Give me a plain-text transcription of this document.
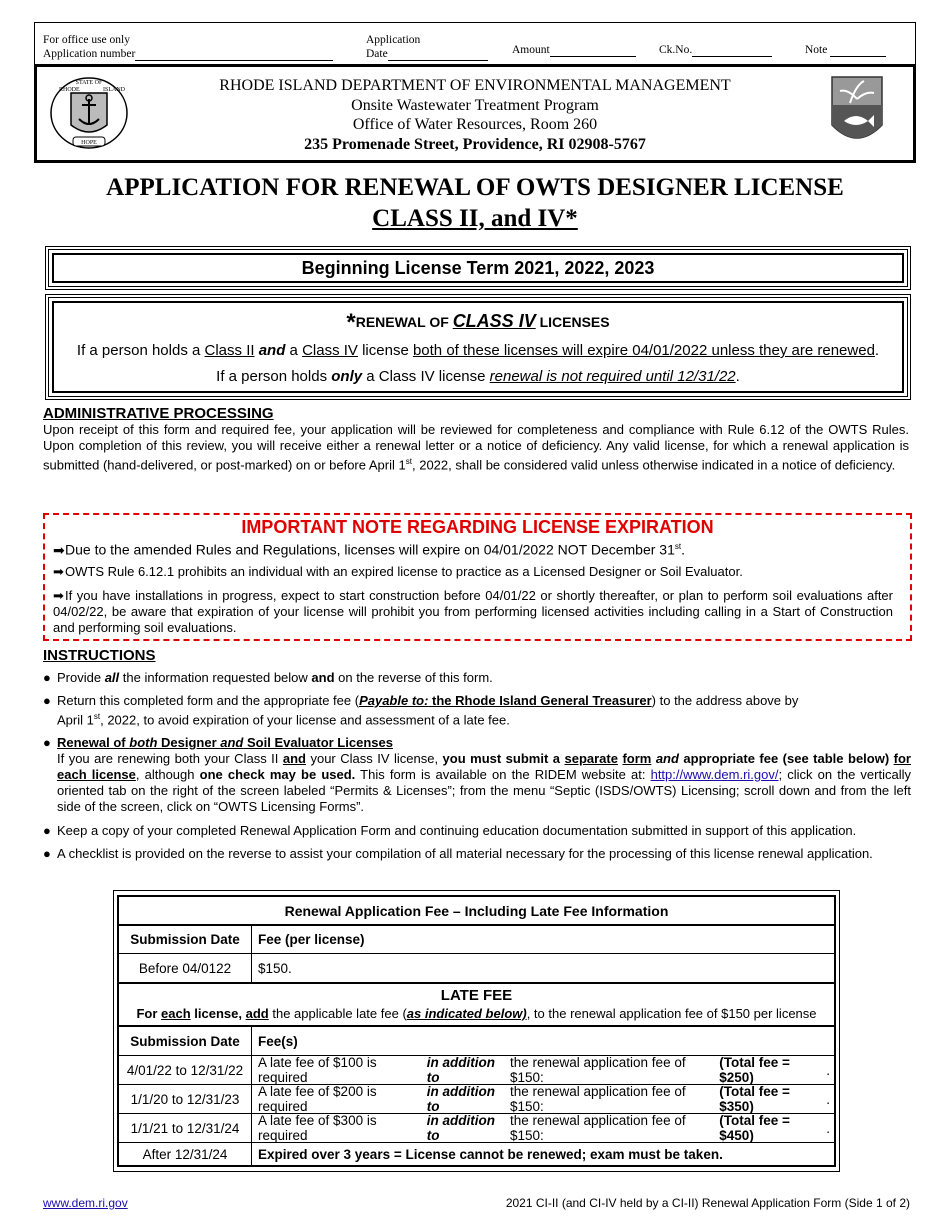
For office use only
Application number
Application
Date	Amount	Ck.No.	Note
HOPE
STATE OF
RHODE	ISLAND	RHODE ISLAND DEPARTMENT OF ENVIRONMENTAL MANAGEMENT
Onsite Wastewater Treatment Program
Office of Water Resources, Room 260
235 Promenade Street, Providence, RI 02908-5767
APPLICATION FOR RENEWAL OF OWTS DESIGNER LICENSE
CLASS II, and IV*
Beginning License Term 2021, 2022, 2023
*RENEWAL OF CLASS IV LICENSES
If a person holds a Class II and a Class IV license both of these licenses will expire 04/01/2022 unless they are renewed.
If a person holds only a Class IV license renewal is not required until 12/31/22.
ADMINISTRATIVE PROCESSING
Upon receipt of this form and required fee, your application will be reviewed for completeness and compliance with Rule 6.12 of the OWTS Rules. Upon completion of this review, you will receive either a renewal letter or a notice of deficiency. Any valid license, for which a renewal application is submitted (hand-delivered, or post-marked) on or before April 1st, 2022, shall be considered valid unless otherwise indicated in a notice of deficiency.
IMPORTANT NOTE REGARDING LICENSE EXPIRATION
➡Due to the amended Rules and Regulations, licenses will expire on 04/01/2022 NOT December 31st.
➡OWTS Rule 6.12.1 prohibits an individual with an expired license to practice as a Licensed Designer or Soil Evaluator.
➡If you have installations in progress, expect to start construction before 04/01/22 or shortly thereafter, or plan to perform soil evaluations after 04/02/22, be aware that expiration of your license will prohibit you from performing licensed activities including calling in a Start of Construction and performing soil evaluations.
INSTRUCTIONS
● Provide all the information requested below and on the reverse of this form.
● Return this completed form and the appropriate fee (Payable to: the Rhode Island General Treasurer) to the address above by
April 1st, 2022, to avoid expiration of your license and assessment of a late fee.
● Renewal of both Designer and Soil Evaluator Licenses
If you are renewing both your Class II and your Class IV license, you must submit a separate form and appropriate fee (see table below) for each license, although one check may be used. This form is available on the RIDEM website at: http://www.dem.ri.gov/; click on the vertically oriented tab on the right of the screen labeled “Permits & Licenses”; from the menu “Septic (ISDS/OWTS) Licensing; scroll down and from the left side of the screen, click on “OWTS Licensing Forms”.
● Keep a copy of your completed Renewal Application Form and continuing education documentation submitted in support of this application.
● A checklist is provided on the reverse to assist your compilation of all material necessary for the processing of this license renewal application.
Renewal Application Fee – Including Late Fee Information
Submission Date	Fee (per license)
Before 04/0122	$150.
LATE FEE
For each license, add the applicable late fee (as indicated below), to the renewal application fee of $150 per license
Submission Date	Fee(s)
4/01/22 to 12/31/22	A late fee of $100 is required
in addition to
the renewal application fee of $150:
(Total fee = $250)	.
1/1/20 to 12/31/23	A late fee of $200 is required
in addition to
the renewal application fee of $150:
(Total fee = $350)	.
1/1/21 to 12/31/24	A late fee of $300 is required
in addition to
the renewal application fee of $150:
(Total fee = $450)	.
After 12/31/24	Expired over 3 years = License cannot be renewed; exam must be taken.
www.dem.ri.gov	2021 CI-II (and CI-IV held by a CI-II) Renewal Application Form (Side 1 of 2)
